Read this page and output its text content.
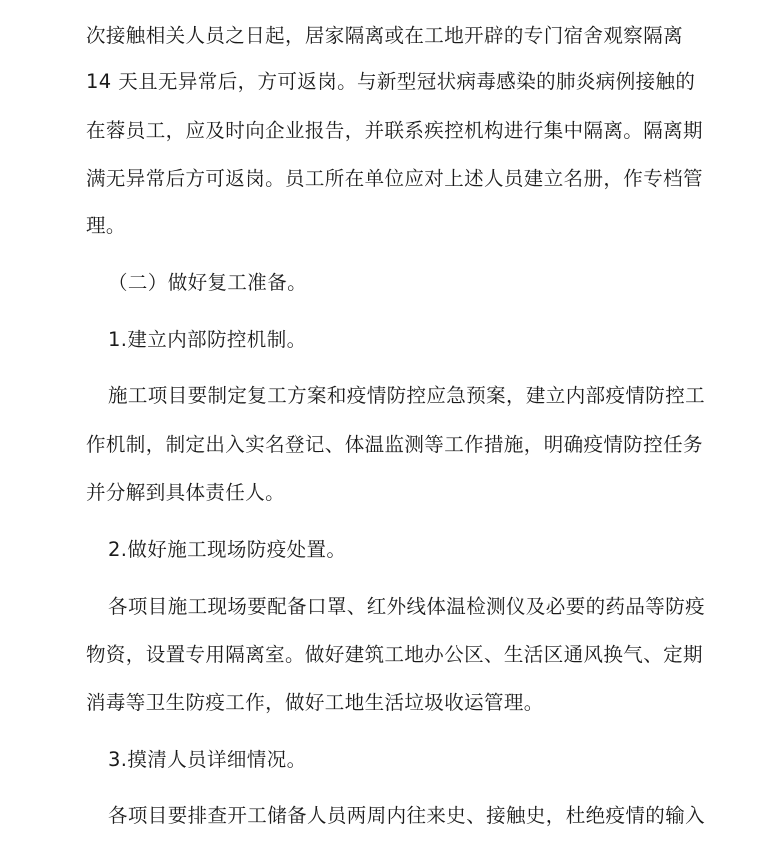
次接触相关人员之日起，居家隔离或在工地开辟的专门宿舍观察隔离
14 天且无异常后，方可返岗。与新型冠状病毒感染的肺炎病例接触的
在蓉员工，应及时向企业报告，并联系疾控机构进行集中隔离。隔离期
满无异常后方可返岗。员工所在单位应对上述人员建立名册，作专档管
理。
（二）做好复工准备。
1.建立内部防控机制。
施工项目要制定复工方案和疫情防控应急预案，建立内部疫情防控工
作机制，制定出入实名登记、体温监测等工作措施，明确疫情防控任务
并分解到具体责任人。
2.做好施工现场防疫处置。
各项目施工现场要配备口罩、红外线体温检测仪及必要的药品等防疫
物资，设置专用隔离室。做好建筑工地办公区、生活区通风换气、定期
消毒等卫生防疫工作，做好工地生活垃圾收运管理。
3.摸清人员详细情况。
各项目要排查开工储备人员两周内往来史、接触史，杜绝疫情的输入
